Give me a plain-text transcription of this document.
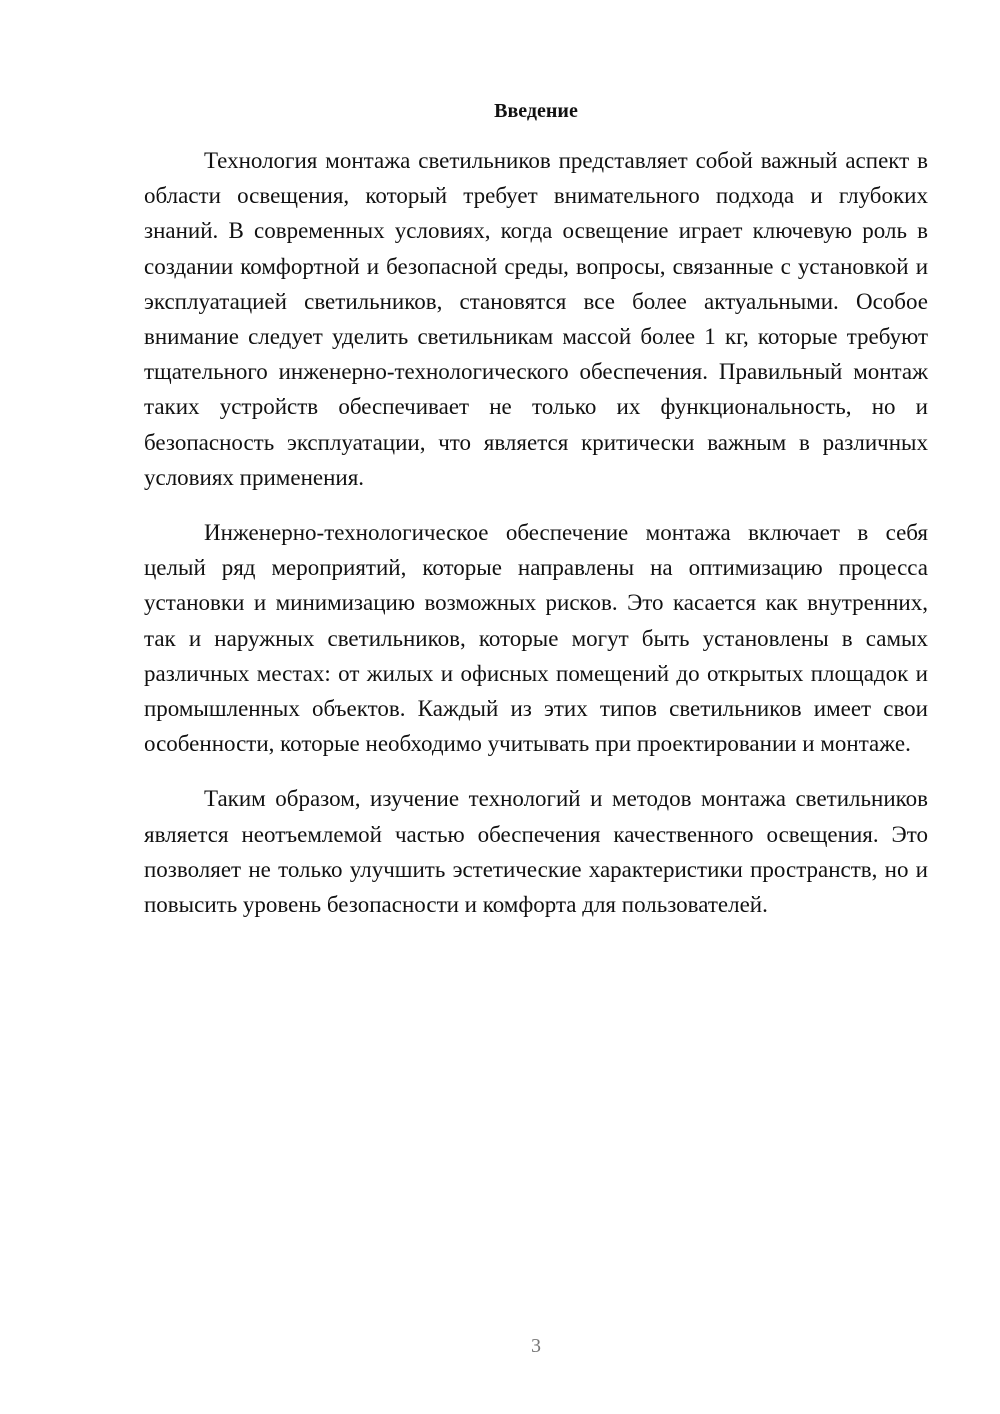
Введение

Технология монтажа светильников представляет собой важный аспект в области освещения, который требует внимательного подхода и глубоких знаний. В современных условиях, когда освещение играет ключевую роль в создании комфортной и безопасной среды, вопросы, связанные с установкой и эксплуатацией светильников, становятся все более актуальными. Особое внимание следует уделить светильникам массой более 1 кг, которые требуют тщательного инженерно-технологического обеспечения. Правильный монтаж таких устройств обеспечивает не только их функциональность, но и безопасность эксплуатации, что является критически важным в различных условиях применения.

Инженерно-технологическое обеспечение монтажа включает в себя целый ряд мероприятий, которые направлены на оптимизацию процесса установки и минимизацию возможных рисков. Это касается как внутренних, так и наружных светильников, которые могут быть установлены в самых различных местах: от жилых и офисных помещений до открытых площадок и промышленных объектов. Каждый из этих типов светильников имеет свои особенности, которые необходимо учитывать при проектировании и монтаже.

Таким образом, изучение технологий и методов монтажа светильников является неотъемлемой частью обеспечения качественного освещения. Это позволяет не только улучшить эстетические характеристики пространств, но и повысить уровень безопасности и комфорта для пользователей.

3
